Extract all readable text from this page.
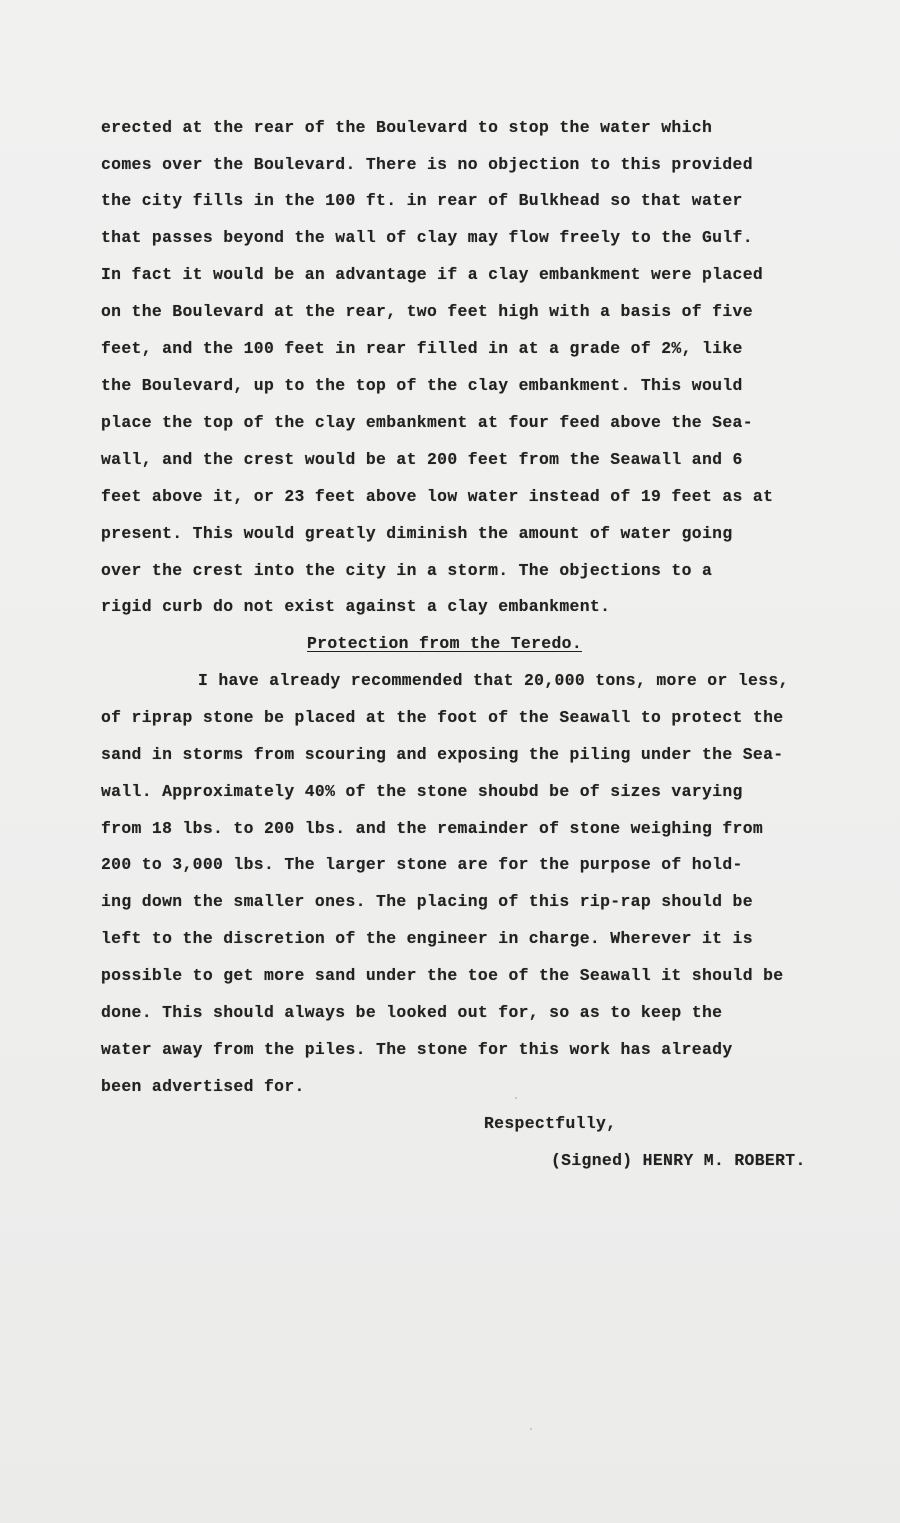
erected at the rear of the Boulevard to stop the water which
comes over the Boulevard. There is no objection to this provided
the city fills in the 100 ft. in rear of Bulkhead so that water
that passes beyond the wall of clay may flow freely to the Gulf.
In fact it would be an advantage if a clay embankment were placed
on the Boulevard at the rear, two feet high with a basis of five
feet, and the 100 feet in rear filled in at a grade of 2%, like
the Boulevard, up to the top of the clay embankment. This would
place the top of the clay embankment at four feed above the Sea-
wall, and the crest would be at 200 feet from the Seawall and 6
feet above it, or 23 feet above low water instead of 19 feet as at
present. This would greatly diminish the amount of water going
over the crest into the city in a storm. The objections to a
rigid curb do not exist against a clay embankment.
Protection from the Teredo.
I have already recommended that 20,000 tons, more or less,
of riprap stone be placed at the foot of the Seawall to protect the
sand in storms from scouring and exposing the piling under the Sea-
wall. Approximately 40% of the stone shoubd be of sizes varying
from 18 lbs. to 200 lbs. and the remainder of stone weighing from
200 to 3,000 lbs. The larger stone are for the purpose of hold-
ing down the smaller ones. The placing of this rip-rap should be
left to the discretion of the engineer in charge. Wherever it is
possible to get more sand under the toe of the Seawall it should be
done. This should always be looked out for, so as to keep the
water away from the piles. The stone for this work has already
been advertised for.
Respectfully,
(Signed) HENRY M. ROBERT.
